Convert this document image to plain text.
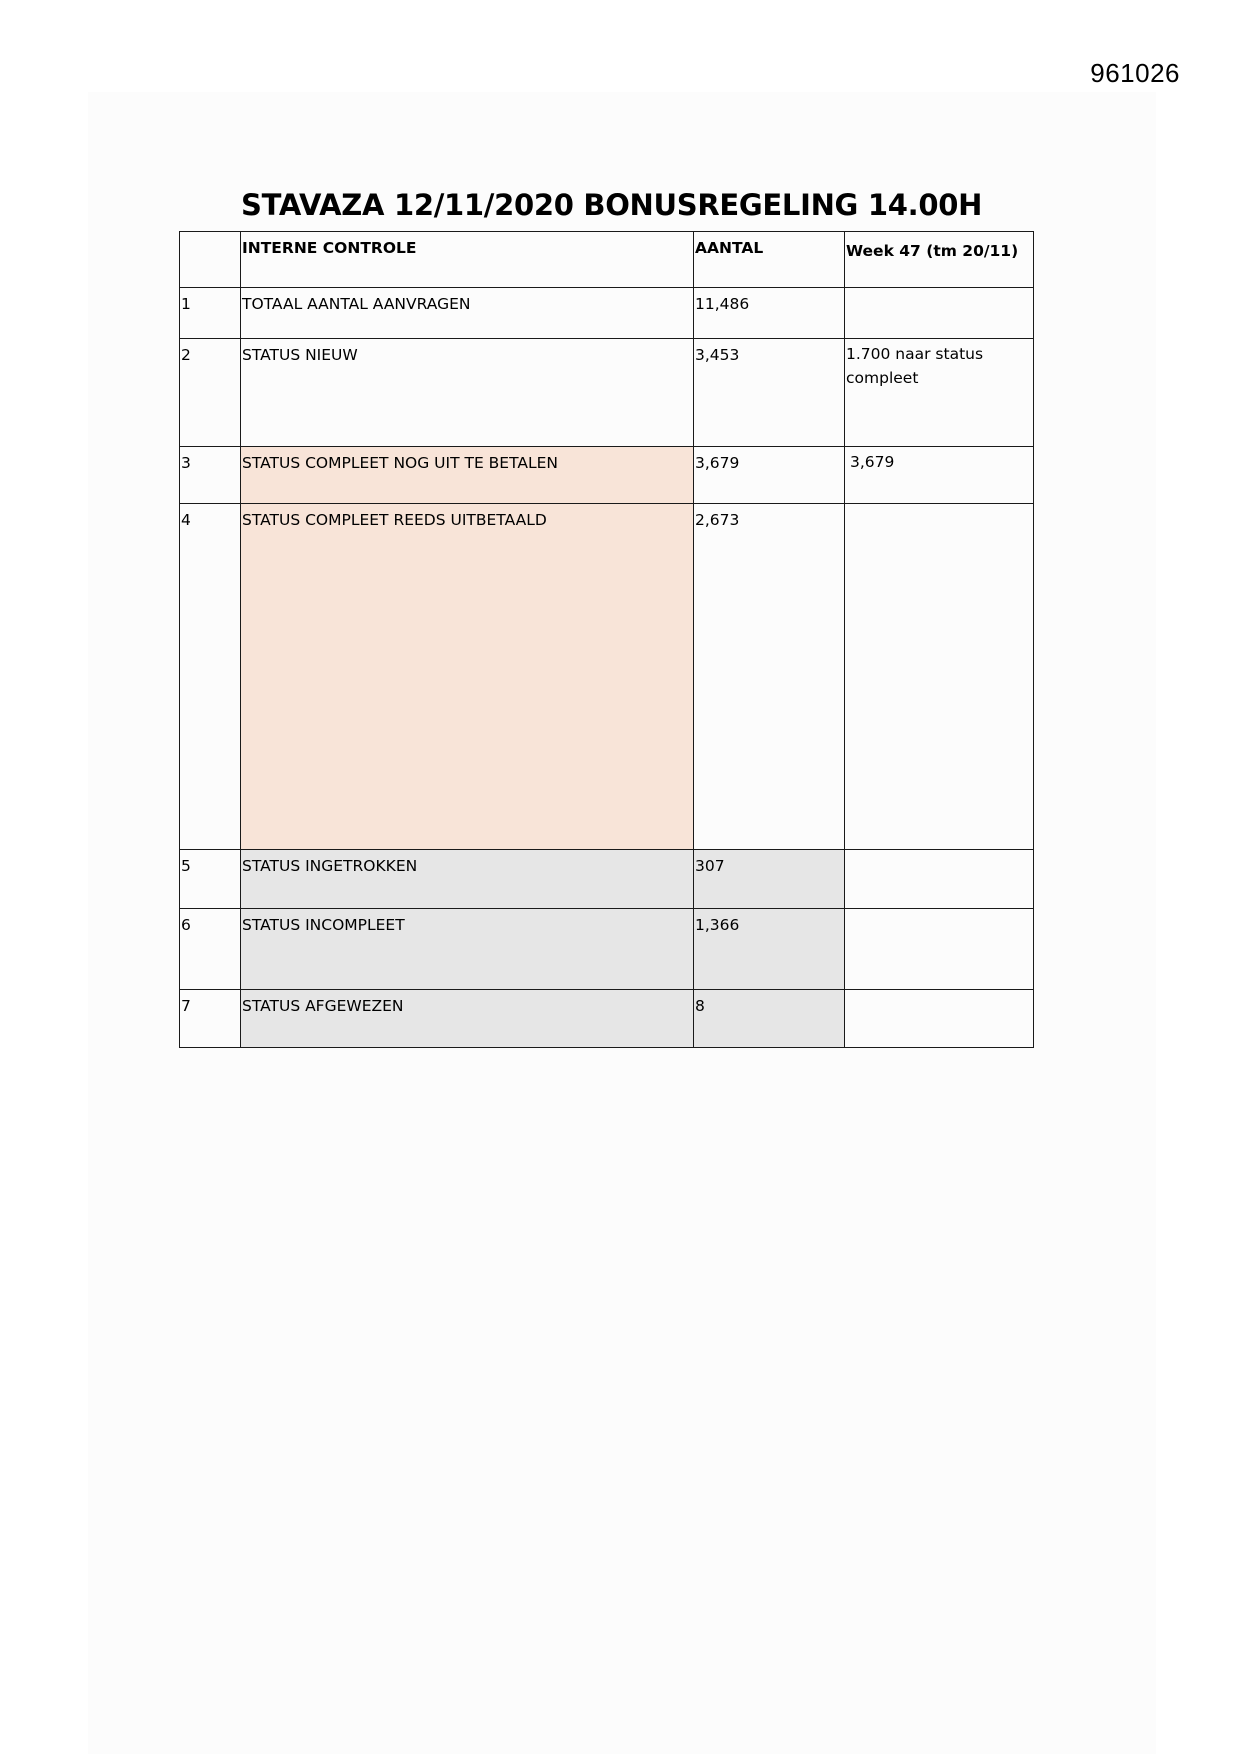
961026
STAVAZA 12/11/2020 BONUSREGELING 14.00H
	INTERNE CONTROLE	AANTAL	Week 47 (tm 20/11)
1	TOTAAL AANTAL AANVRAGEN	11,486	
2	STATUS NIEUW	3,453	1.700 naar status compleet
3	STATUS COMPLEET NOG UIT TE BETALEN	3,679	3,679
4	STATUS COMPLEET REEDS UITBETAALD	2,673	
5	STATUS INGETROKKEN	307	
6	STATUS INCOMPLEET	1,366	
7	STATUS AFGEWEZEN	8	
